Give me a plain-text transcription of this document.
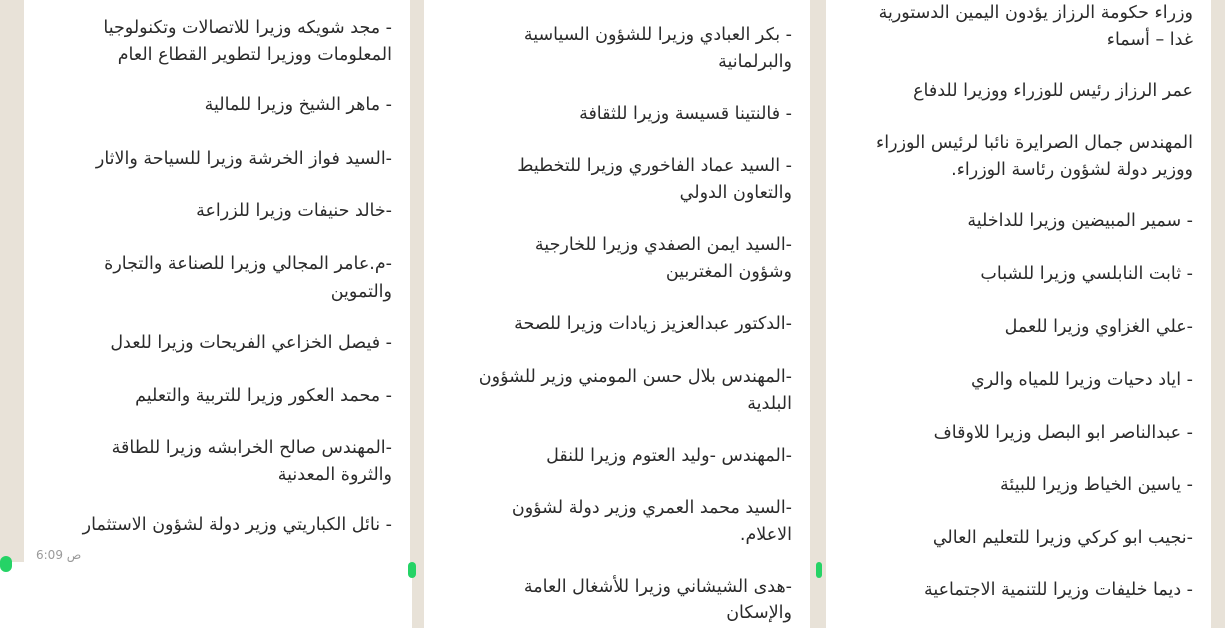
- مجد شويكه وزيرا للاتصالات وتكنولوجيا
المعلومات ووزيرا لتطوير القطاع العام
- ماهر الشيخ وزيرا للمالية
-السيد فواز الخرشة وزيرا للسياحة والاثار
-خالد حنيفات وزيرا للزراعة
-م.عامر المجالي وزيرا للصناعة والتجارة
والتموين
- فيصل الخزاعي الفريحات وزيرا للعدل
- محمد العكور وزيرا للتربية والتعليم
-المهندس صالح الخرابشه وزيرا للطاقة
والثروة المعدنية
- نائل الكباريتي وزير دولة لشؤون الاستثمار
6:09 ص
- بكر العبادي وزيرا للشؤون السياسية
والبرلمانية
- فالنتينا قسيسة وزيرا للثقافة
- السيد عماد الفاخوري وزيرا للتخطيط
والتعاون الدولي
-السيد ايمن الصفدي وزيرا للخارجية
وشؤون المغتربين
-الدكتور عبدالعزيز زيادات وزيرا للصحة
-المهندس بلال حسن المومني وزير للشؤون
البلدية
-المهندس -وليد العتوم وزيرا للنقل
-السيد محمد العمري وزير دولة لشؤون
الاعلام.
-هدى الشيشاني وزيرا للأشغال العامة
والإسكان
وزراء حكومة الرزاز يؤدون اليمين الدستورية
غدا – أسماء
عمر الرزاز رئيس للوزراء ووزيرا للدفاع
المهندس جمال الصرايرة نائبا لرئيس الوزراء
ووزير دولة لشؤون رئاسة الوزراء.
- سمير المبيضين وزيرا للداخلية
- ثابت النابلسي وزيرا للشباب
-علي الغزاوي وزيرا للعمل
- اياد دحيات وزيرا للمياه والري
- عبدالناصر ابو البصل وزيرا للاوقاف
- ياسين الخياط وزيرا للبيئة
-نجيب ابو كركي وزيرا للتعليم العالي
- ديما خليفات وزيرا للتنمية الاجتماعية
